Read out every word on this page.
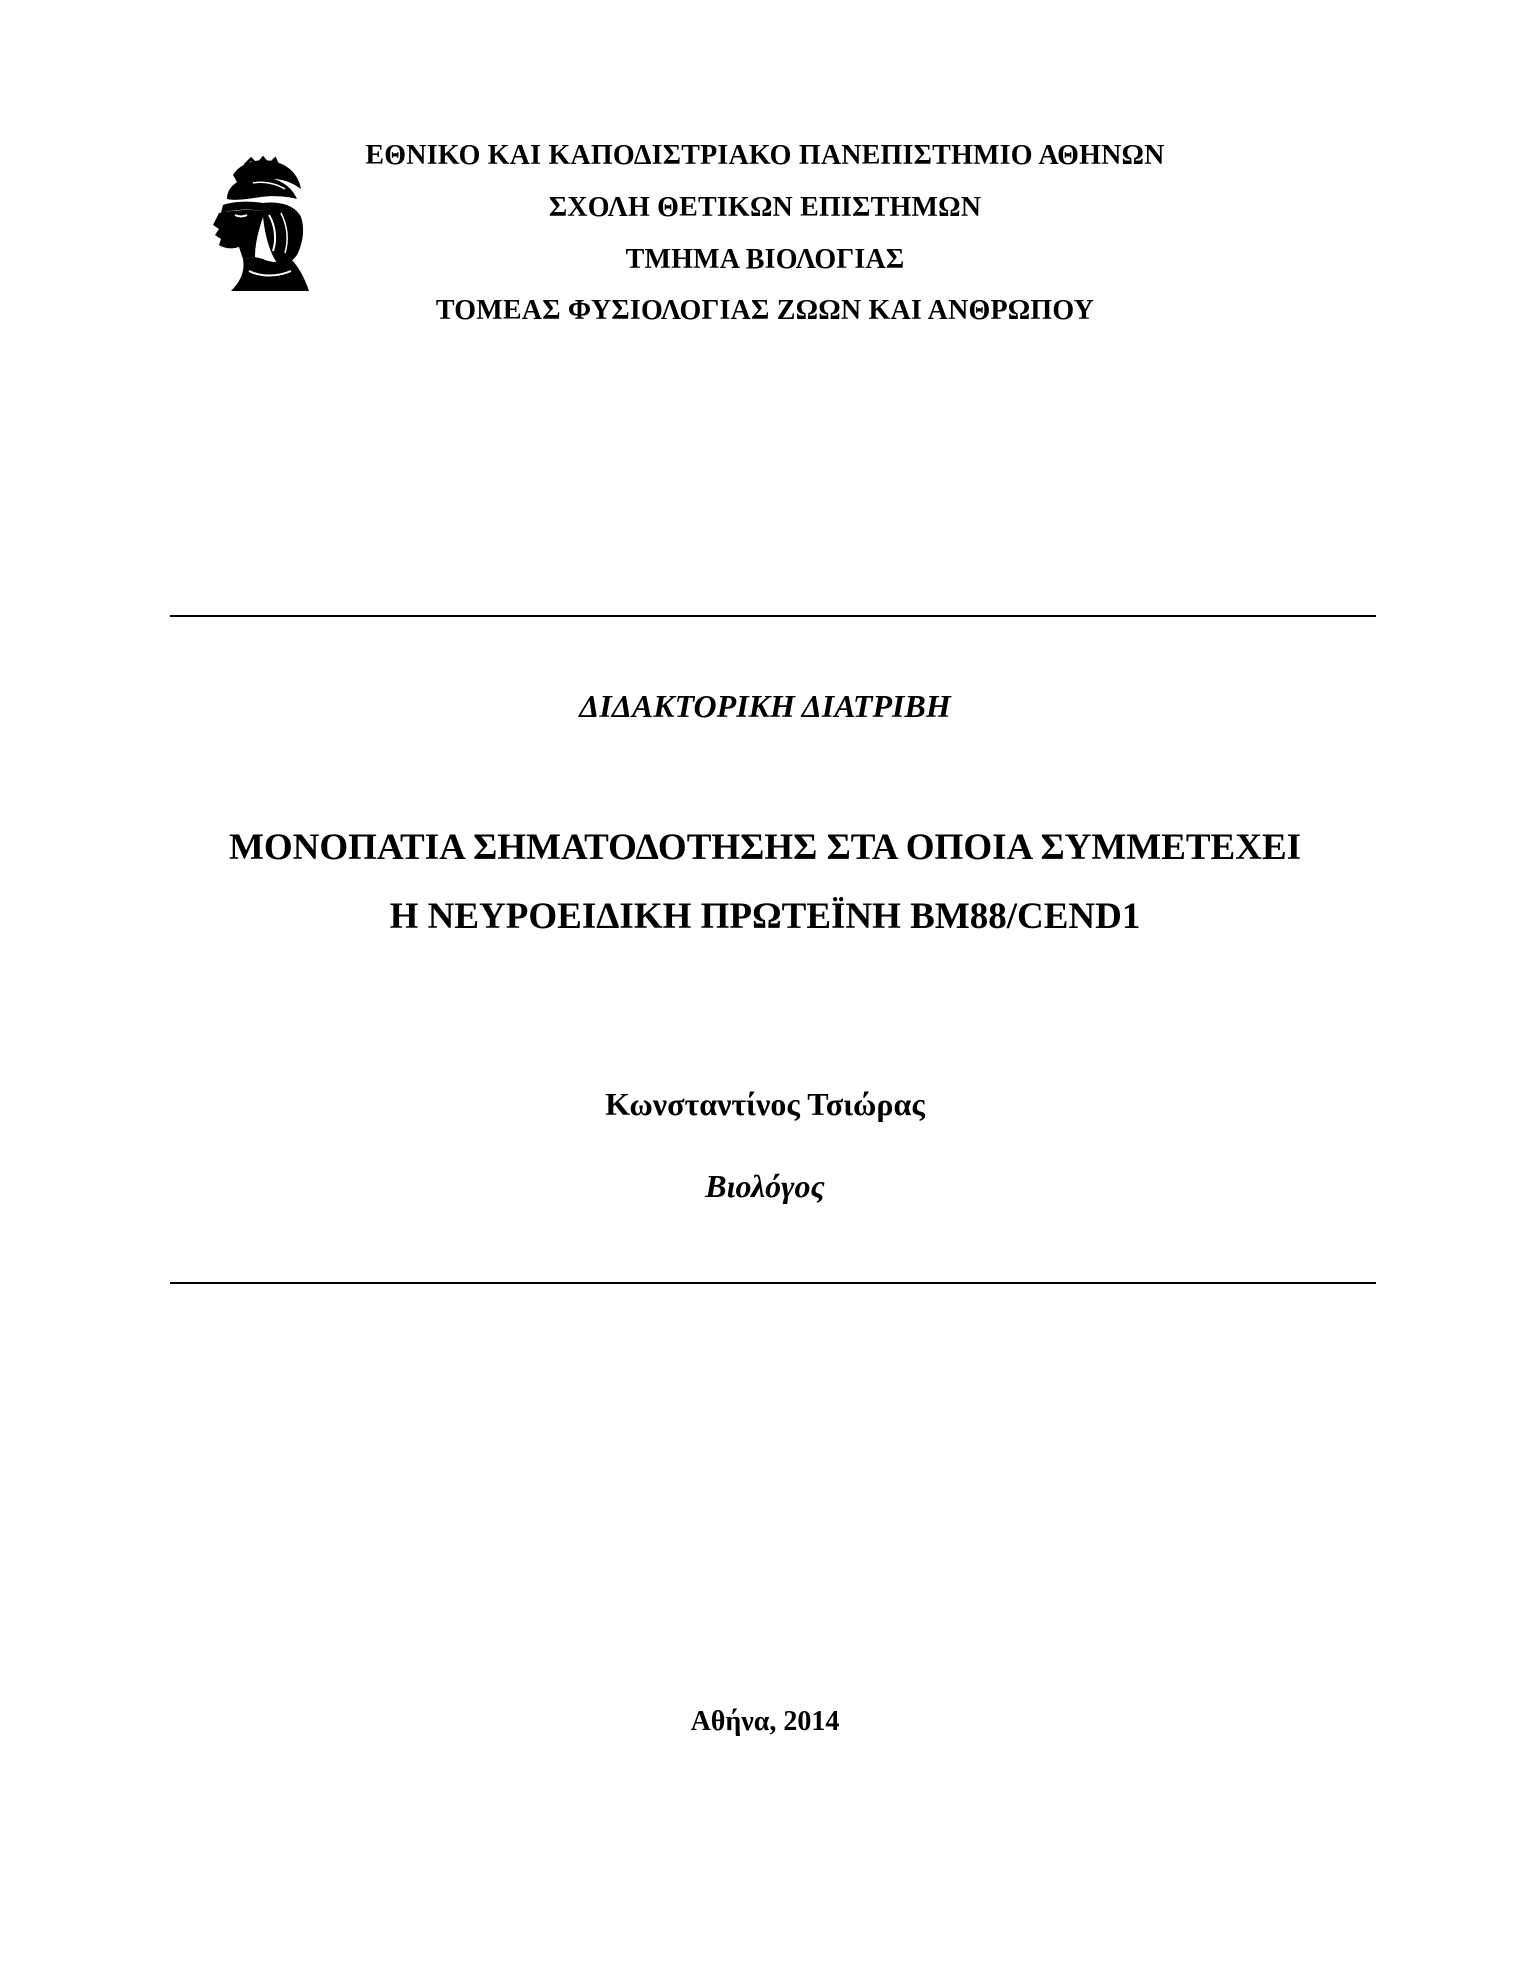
ΕΘΝΙΚΟ ΚΑΙ ΚΑΠΟΔΙΣΤΡΙΑΚΟ ΠΑΝΕΠΙΣΤΗΜΙΟ ΑΘΗΝΩΝ
ΣΧΟΛΗ ΘΕΤΙΚΩΝ ΕΠΙΣΤΗΜΩΝ
ΤΜΗΜΑ ΒΙΟΛΟΓΙΑΣ
ΤΟΜΕΑΣ ΦΥΣΙΟΛΟΓΙΑΣ ΖΩΩΝ ΚΑΙ ΑΝΘΡΩΠΟΥ
ΔΙΔΑΚΤΟΡΙΚΗ ΔΙΑΤΡΙΒΗ
ΜΟΝΟΠΑΤΙΑ ΣΗΜΑΤΟΔΟΤΗΣΗΣ ΣΤΑ ΟΠΟΙΑ ΣΥΜΜΕΤΕΧΕΙ
Η ΝΕΥΡΟΕΙΔΙΚΗ ΠΡΩΤΕΪΝΗ BM88/CEND1
Κωνσταντίνος Τσιώρας
Βιολόγος
Αθήνα, 2014
